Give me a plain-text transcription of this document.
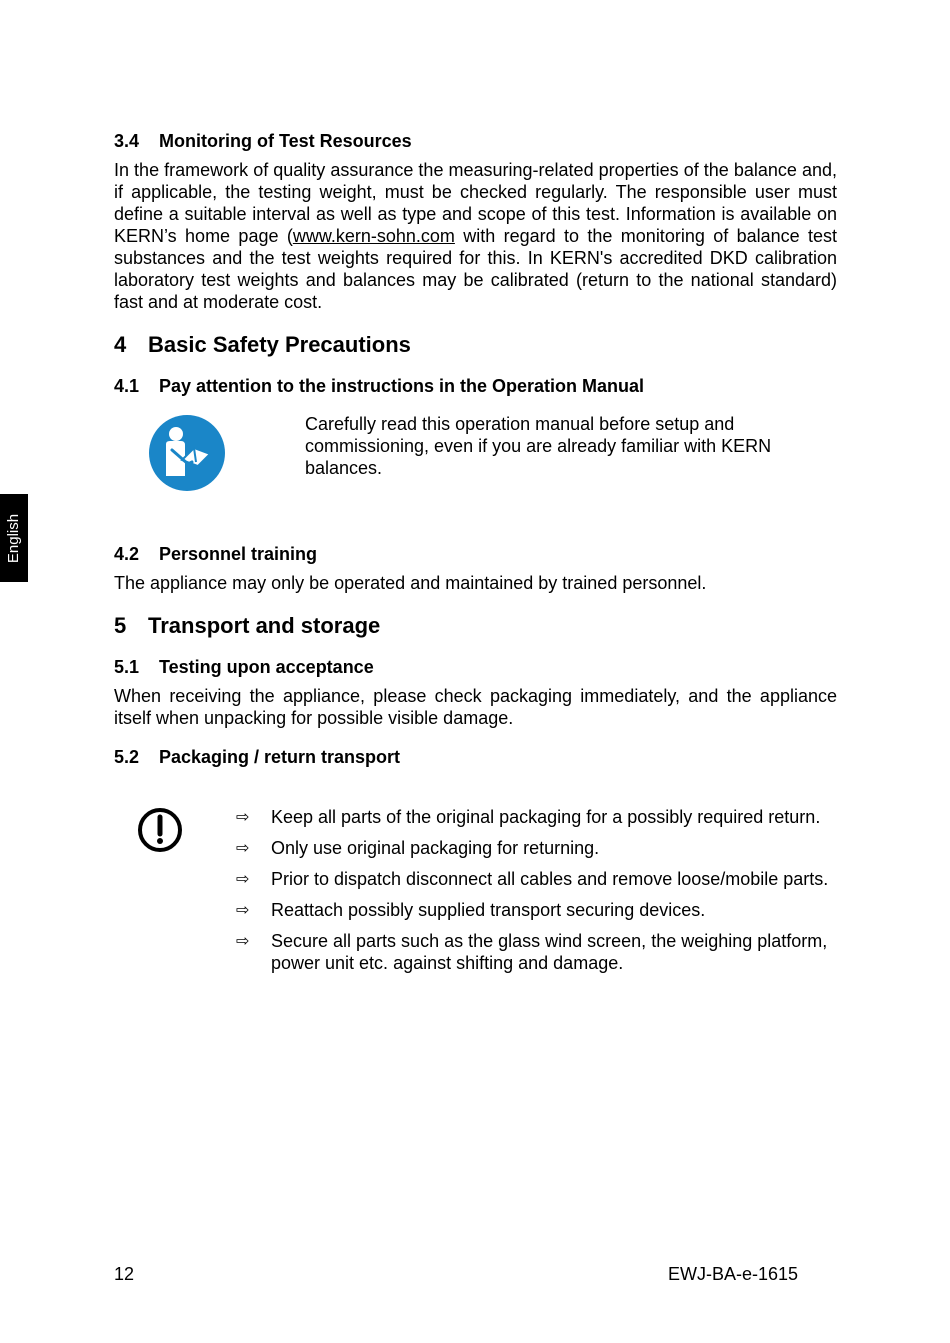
English
3.4 Monitoring of Test Resources
In the framework of quality assurance the measuring-related properties of the balance and, if applicable, the testing weight, must be checked regularly. The responsible user must define a suitable interval as well as type and scope of this test. Information is available on KERN’s home page (www.kern-sohn.com with regard to the monitoring of balance test substances and the test weights required for this. In KERN's accredited DKD calibration laboratory test weights and balances may be calibrated (return to the national standard) fast and at moderate cost.
4 Basic Safety Precautions
4.1 Pay attention to the instructions in the Operation Manual
Carefully read this operation manual before setup and commissioning, even if you are already familiar with KERN balances.
4.2 Personnel training
The appliance may only be operated and maintained by trained personnel.
5 Transport and storage
5.1 Testing upon acceptance
When receiving the appliance, please check packaging immediately, and the appliance itself when unpacking for possible visible damage.
5.2 Packaging / return transport
⇨ Keep all parts of the original packaging for a possibly required return.
⇨ Only use original packaging for returning.
⇨ Prior to dispatch disconnect all cables and remove loose/mobile parts.
⇨ Reattach possibly supplied transport securing devices.
⇨ Secure all parts such as the glass wind screen, the weighing platform, power unit etc. against shifting and damage.
12	EWJ-BA-e-1615
